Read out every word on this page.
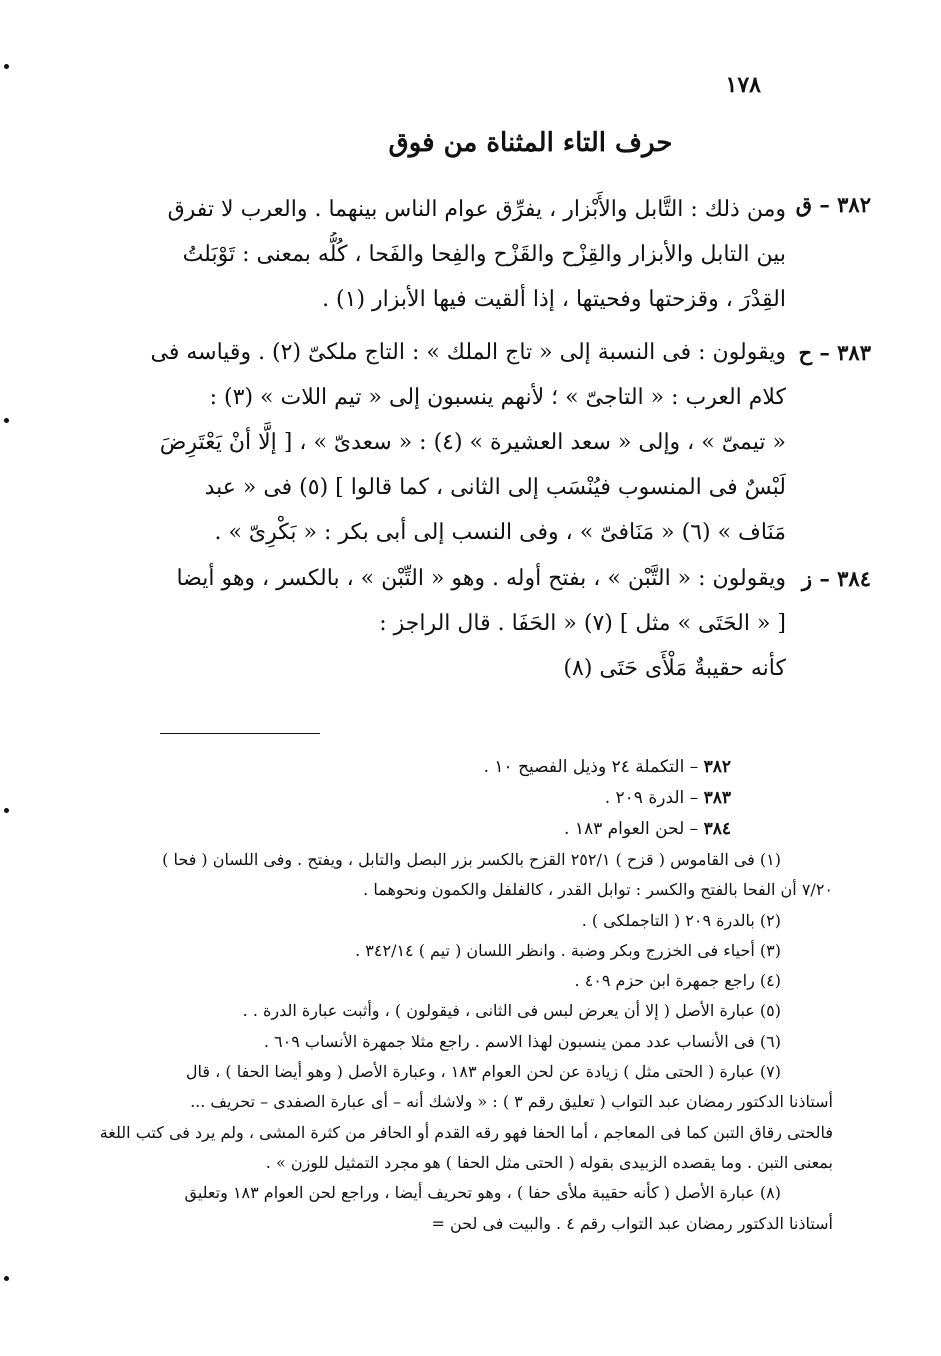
١٧٨
حرف التاء المثناة من فوق
٣٨٢ – ق
ومن ذلك : التَّابل والأَبْزار ، يفرِّق عوام الناس بينهما . والعرب لا تفرق
بين التابل والأبزار والقِزْح والقَزْح والفِحا والفَحا ، كُلُّه بمعنى : تَوْبَلتُ
القِدْرَ ، وقزحتها وفحيتها ، إذا ألقيت فيها الأبزار (١) .
٣٨٣ – ح
ويقولون : فى النسبة إلى « تاج الملك » : التاج ملكىّ (٢) . وقياسه فى
كلام العرب : « التاجىّ » ؛ لأنهم ينسبون إلى « تيم اللات » (٣) :
« تيمىّ » ، وإلى « سعد العشيرة » (٤) : « سعدىّ » ، [ إلَّا أنْ يَعْتَرِضَ
لَبْسٌ فى المنسوب فيُنْسَب إلى الثانى ، كما قالوا ] (٥) فى « عبد
مَنَاف » (٦) « مَنَافىّ » ، وفى النسب إلى أبى بكر : « بَكْرِىّ » .
٣٨٤ – ز
ويقولون : « التَّبْن » ، بفتح أوله . وهو « التِّبْن » ، بالكسر ، وهو أيضا
[ « الحَتَى » مثل ] (٧) « الحَفَا . قال الراجز :
كأنه حقيبةٌ مَلْأَى حَتَى (٨)
٣٨٢ – التكملة ٢٤ وذيل الفصيح ١٠ .
٣٨٣ – الدرة ٢٠٩ .
٣٨٤ – لحن العوام ١٨٣ .
(١) فى القاموس ( قزح ) ٢٥٢/١ القزح بالكسر بزر البصل والتابل ، ويفتح . وفى اللسان ( فحا )
٧/٢٠ أن الفحا بالفتح والكسر : توابل القدر ، كالفلفل والكمون ونحوهما .
(٢) بالدرة ٢٠٩ ( التاجملكى ) .
(٣) أحياء فى الخزرج وبكر وضبة . وانظر اللسان ( تيم ) ٣٤٢/١٤ .
(٤) راجع جمهرة ابن حزم ٤٠٩ .
(٥) عبارة الأصل ( إلا أن يعرض لبس فى الثانى ، فيقولون ) ، وأثبت عبارة الدرة . .
(٦) فى الأنساب عدد ممن ينسبون لهذا الاسم . راجع مثلا جمهرة الأنساب ٦٠٩ .
(٧) عبارة ( الحتى مثل ) زيادة عن لحن العوام ١٨٣ ، وعبارة الأصل ( وهو أيضا الحفا ) ، قال
أستاذنا الدكتور رمضان عبد التواب ( تعليق رقم ٣ ) : « ولاشك أنه – أى عبارة الصفدى – تحريف ...
فالحتى رقاق التبن كما فى المعاجم ، أما الحفا فهو رقه القدم أو الحافر من كثرة المشى ، ولم يرد فى كتب اللغة
بمعنى التبن . وما يقصده الزبيدى بقوله ( الحتى مثل الحفا ) هو مجرد التمثيل للوزن » .
(٨) عبارة الأصل ( كأنه حقيبة ملأى حفا ) ، وهو تحريف أيضا ، وراجع لحن العوام ١٨٣ وتعليق
أستاذنا الدكتور رمضان عبد التواب رقم ٤ . والبيت فى لحن =
